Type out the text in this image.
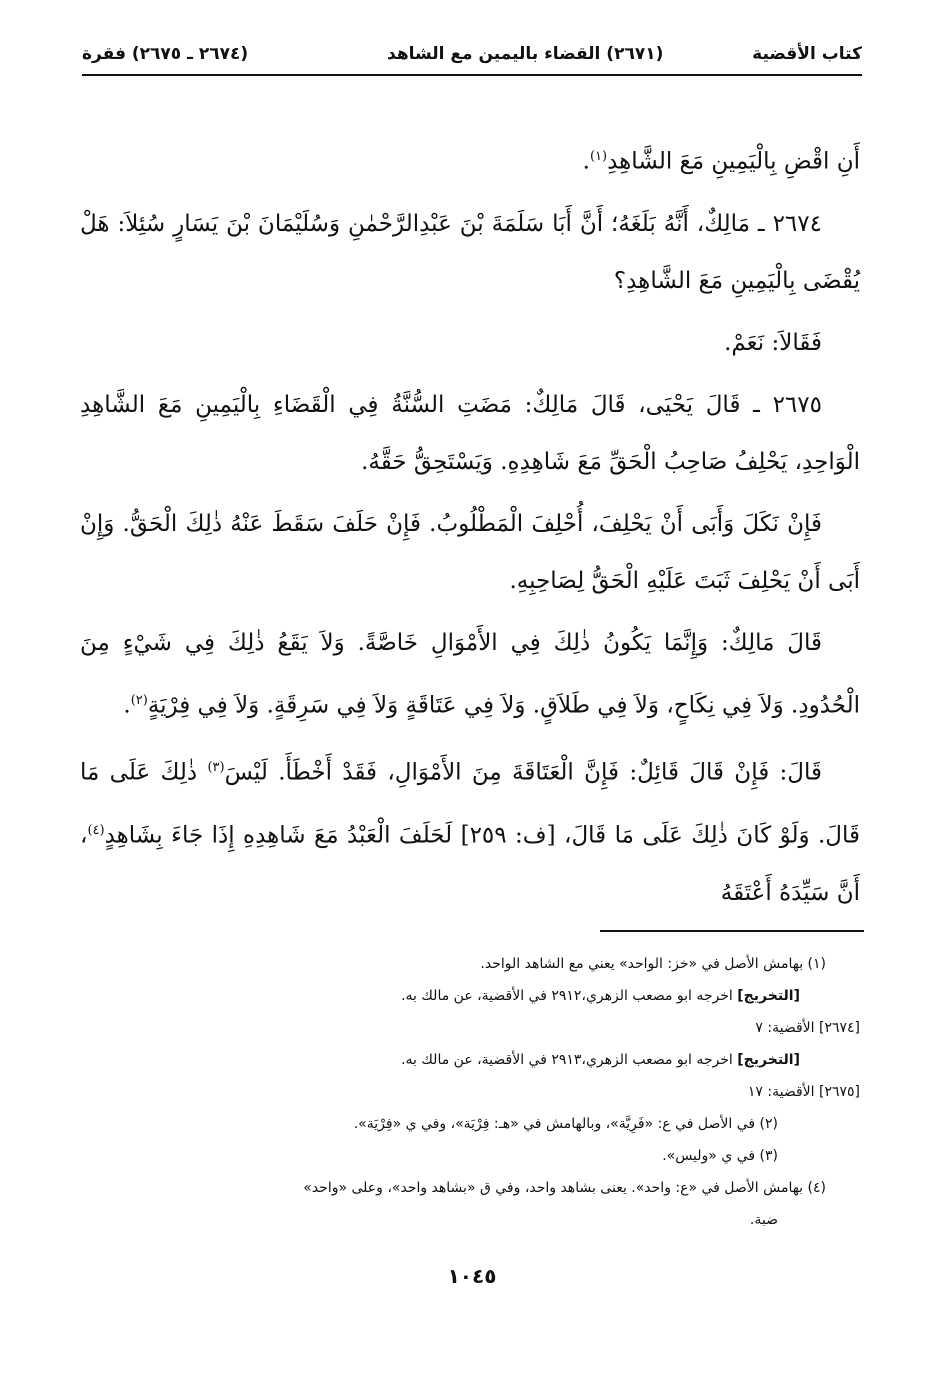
كتاب الأقضية
(٢٦٧١) القضاء باليمين مع الشاهد
(٢٦٧٤ ـ ٢٦٧٥) فقرة

أَنِ اقْضِ بِالْيَمِينِ مَعَ الشَّاهِدِ$^{(١)}$.

٢٦٧٤ ـ مَالِكٌ، أَنَّهُ بَلَغَهُ؛ أَنَّ أَبَا سَلَمَةَ بْنَ عَبْدِالرَّحْمٰنِ وَسُلَيْمَانَ بْنَ يَسَارٍ سُئِلاَ: هَلْ يُقْضَى بِالْيَمِينِ مَعَ الشَّاهِدِ؟

فَقَالاَ: نَعَمْ.

٢٦٧٥ ـ قَالَ يَحْيَى، قَالَ مَالِكٌ: مَضَتِ السُّنَّةُ فِي الْقَضَاءِ بِالْيَمِينِ مَعَ الشَّاهِدِ الْوَاحِدِ، يَحْلِفُ صَاحِبُ الْحَقِّ مَعَ شَاهِدِهِ. وَيَسْتَحِقُّ حَقَّهُ.

فَإِنْ نَكَلَ وَأَبَى أَنْ يَحْلِفَ، أُحْلِفَ الْمَطْلُوبُ. فَإِنْ حَلَفَ سَقَطَ عَنْهُ ذٰلِكَ الْحَقُّ. وَإِنْ أَبَى أَنْ يَحْلِفَ ثَبَتَ عَلَيْهِ الْحَقُّ لِصَاحِبِهِ.

قَالَ مَالِكٌ: وَإِنَّمَا يَكُونُ ذٰلِكَ فِي الأَمْوَالِ خَاصَّةً. وَلاَ يَقَعُ ذٰلِكَ فِي شَيْءٍ مِنَ الْحُدُودِ. وَلاَ فِي نِكَاحٍ، وَلاَ فِي طَلاَقٍ. وَلاَ فِي عَتَاقَةٍ وَلاَ فِي سَرِقَةٍ. وَلاَ فِي فِرْيَةٍ$^{(٢)}$.

قَالَ: فَإِنْ قَالَ قَائِلٌ: فَإِنَّ الْعَتَاقَةَ مِنَ الأَمْوَالِ، فَقَدْ أَخْطَأَ. لَيْسَ$^{(٣)}$ ذٰلِكَ عَلَى مَا قَالَ. وَلَوْ كَانَ ذٰلِكَ عَلَى مَا قَالَ، [ف: ٢٥٩] لَحَلَفَ الْعَبْدُ مَعَ شَاهِدِهِ إِذَا جَاءَ بِشَاهِدٍ$^{(٤)}$، أَنَّ سَيِّدَهُ أَعْتَقَهُ

(١) بهامش الأصل في «خز: الواحد» يعني مع الشاهد الواحد.
[التخريج] اخرجه ابو مصعب الزهري،٢٩١٢ في الأقضية، عن مالك به.
[٢٦٧٤] الأقضية: ٧
[التخريج] اخرجه ابو مصعب الزهري،٢٩١٣ في الأقضية، عن مالك به.
[٢٦٧٥] الأقضية: ١٧
(٢) في الأصل في ع: «فَرِيَّة»، وبالهامش في «هـ: فِرْيَة»، وفي ي «فِرْيَة».
(٣) في ي «وليس».
(٤) بهامش الأصل في «ع: واحد». يعنى بشاهد واحد، وفي ق «بشاهد واحد»، وعلى «واحد»
ضبة.
١٠٤٥
